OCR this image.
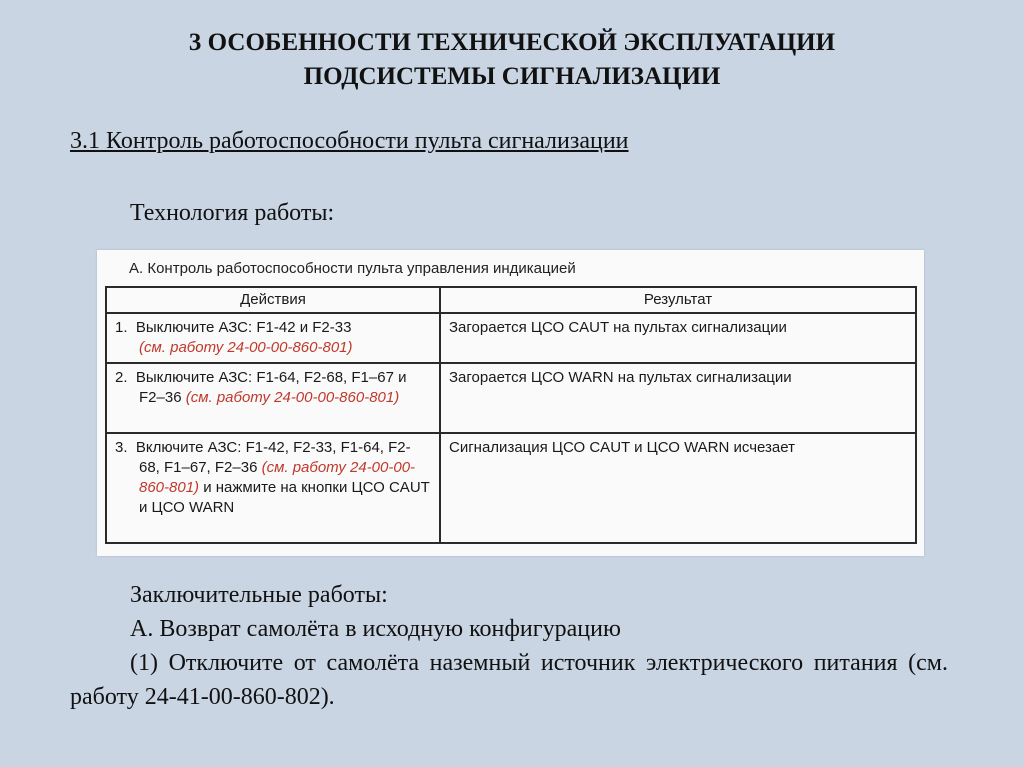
3 ОСОБЕННОСТИ ТЕХНИЧЕСКОЙ ЭКСПЛУАТАЦИИ
ПОДСИСТЕМЫ СИГНАЛИЗАЦИИ
3.1 Контроль работоспособности пульта сигнализации
Технология работы:
А. Контроль работоспособности пульта управления индикацией
Действия	Результат

1. Выключите АЗС: F1-42 и F2-33
(см. работу 24-00-00-860-801)	Загорается ЦСО CAUT на пультах сигнализации

2. Выключите АЗС: F1-64, F2-68, F1–67 и F2–36 (см. работу 24-00-00-860-801)	Загорается ЦСО WARN на пультах сигнализации

3. Включите АЗС: F1-42, F2-33, F1-64, F2-68, F1–67, F2–36 (см. работу 24-00-00-860-801) и нажмите на кнопки ЦСО CAUT и ЦСО WARN	Сигнализация ЦСО CAUT и ЦСО WARN исчезает
Заключительные работы:
А. Возврат самолёта в исходную конфигурацию
(1) Отключите от самолёта наземный источник электрического питания (см. работу 24-41-00-860-802).
